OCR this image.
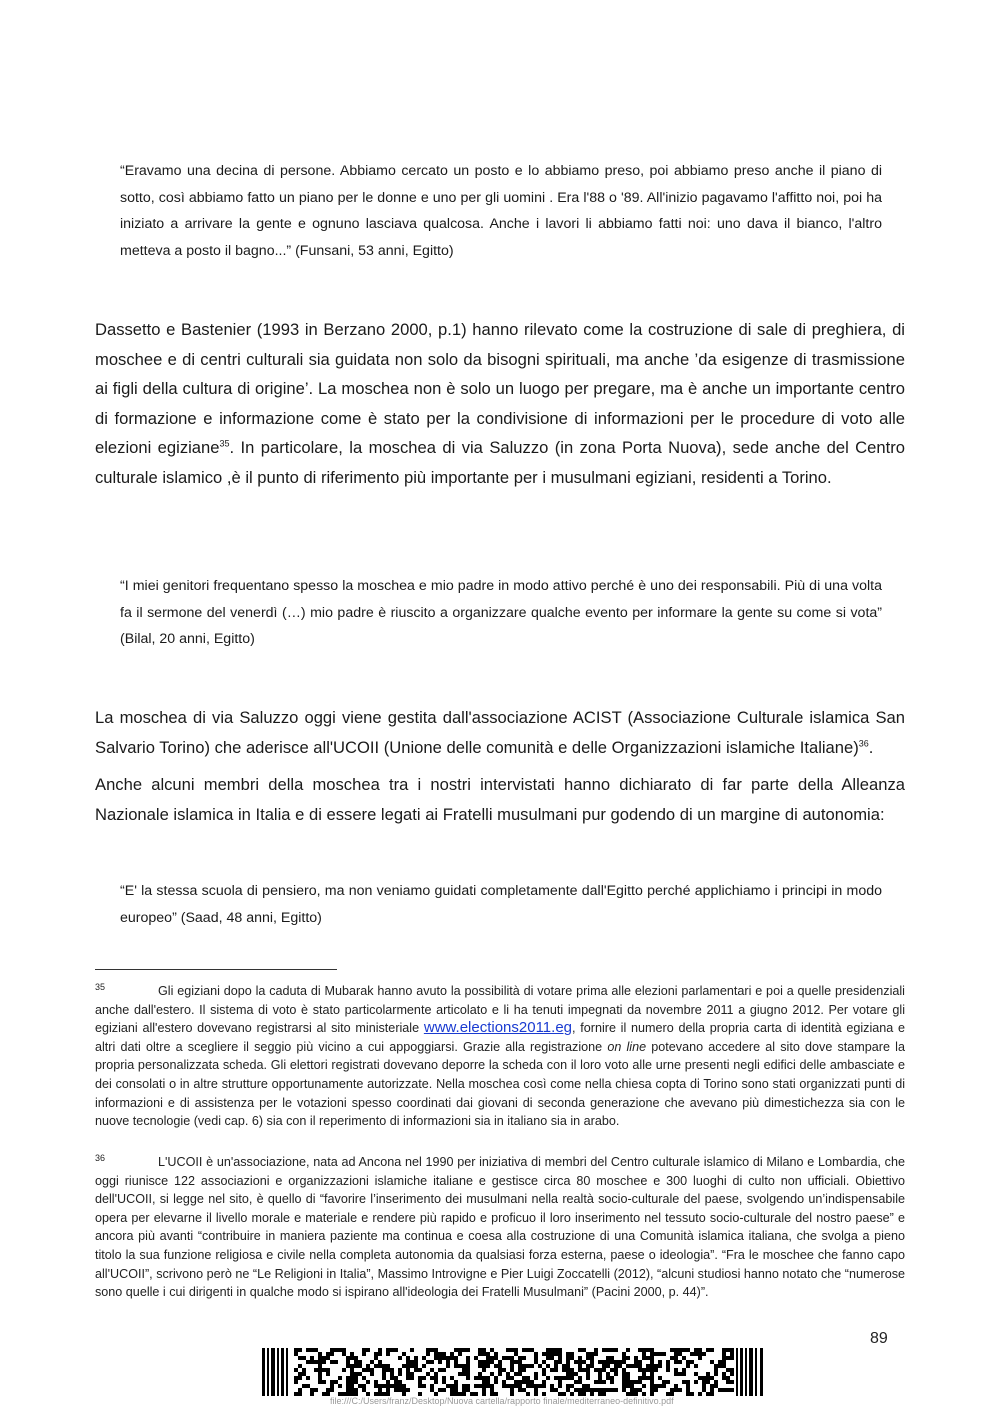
“Eravamo una decina di persone. Abbiamo cercato un posto e lo abbiamo preso, poi abbiamo preso anche il piano di sotto, così abbiamo fatto un piano per le donne e uno per gli uomini . Era l'88 o '89. All'inizio pagavamo l'affitto noi, poi ha iniziato a arrivare la gente e ognuno lasciava qualcosa. Anche i lavori li abbiamo fatti noi: uno dava il bianco, l'altro metteva a posto il bagno...” (Funsani, 53 anni, Egitto)

Dassetto e Bastenier (1993 in Berzano 2000, p.1) hanno rilevato come la costruzione di sale di preghiera, di moschee e di centri culturali sia guidata non solo da bisogni spirituali, ma anche ’da esigenze di trasmissione ai figli della cultura di origine’. La moschea non è solo un luogo per pregare, ma è anche un importante centro di formazione e informazione come è stato per la condivisione di informazioni per le procedure di voto alle elezioni egiziane$^{35}$. In particolare, la moschea di via Saluzzo (in zona Porta Nuova), sede anche del Centro culturale islamico ,è il punto di riferimento più importante per i musulmani egiziani, residenti a Torino.

“I miei genitori frequentano spesso la moschea e mio padre in modo attivo perché è uno dei responsabili. Più di una volta fa il sermone del venerdì (…) mio padre è riuscito a organizzare qualche evento per informare la gente su come si vota” (Bilal, 20 anni, Egitto)

La moschea di via Saluzzo oggi viene gestita dall'associazione ACIST (Associazione Culturale islamica San Salvario Torino) che aderisce all'UCOII (Unione delle comunità e delle Organizzazioni islamiche Italiane)$^{36}$.

Anche alcuni membri della moschea tra i nostri intervistati hanno dichiarato di far parte della Alleanza Nazionale islamica in Italia e di essere legati ai Fratelli musulmani pur godendo di un margine di autonomia:

“E' la stessa scuola di pensiero, ma non veniamo guidati completamente dall'Egitto perché applichiamo i principi in modo europeo” (Saad, 48 anni, Egitto)

35	Gli egiziani dopo la caduta di Mubarak hanno avuto la possibilità di votare prima alle elezioni parlamentari e poi a quelle presidenziali anche dall'estero. Il sistema di voto è stato particolarmente articolato e li ha tenuti impegnati da novembre 2011 a giugno 2012. Per votare gli egiziani all'estero dovevano registrarsi al sito ministeriale www.elections2011.eg, fornire il numero della propria carta di identità egiziana e altri dati oltre a scegliere il seggio più vicino a cui appoggiarsi. Grazie alla registrazione on line potevano accedere al sito dove stampare la propria personalizzata scheda. Gli elettori registrati dovevano deporre la scheda con il loro voto alle urne presenti negli edifici delle ambasciate e dei consolati o in altre strutture opportunamente autorizzate. Nella moschea così come nella chiesa copta di Torino sono stati organizzati punti di informazioni e di assistenza per le votazioni spesso coordinati dai giovani di seconda generazione che avevano più dimestichezza sia con le nuove tecnologie (vedi cap. 6) sia con il reperimento di informazioni sia in italiano sia in arabo.
36	L'UCOII è un'associazione, nata ad Ancona nel 1990 per iniziativa di membri del Centro culturale islamico di Milano e Lombardia, che oggi riunisce 122 associazioni e organizzazioni islamiche italiane e gestisce circa 80 moschee e 300 luoghi di culto non ufficiali. Obiettivo dell'UCOII, si legge nel sito, è quello di “favorire l’inserimento dei musulmani nella realtà socio-culturale del paese, svolgendo un’indispensabile opera per elevarne il livello morale e materiale e rendere più rapido e proficuo il loro inserimento nel tessuto socio-culturale del nostro paese” e ancora più avanti “contribuire in maniera paziente ma continua e coesa alla costruzione di una Comunità islamica italiana, che svolga a pieno titolo la sua funzione religiosa e civile nella completa autonomia da qualsiasi forza esterna, paese o ideologia”. “Fra le moschee che fanno capo all'UCOII”, scrivono però ne “Le Religioni in Italia”, Massimo Introvigne e Pier Luigi Zoccatelli (2012), “alcuni studiosi hanno notato che “numerose sono quelle i cui dirigenti in qualche modo si ispirano all'ideologia dei Fratelli Musulmani” (Pacini 2000, p. 44)”.
89
file:///C:/Users/franz/Desktop/Nuova cartella/rapporto finale/mediterraneo-definitivo.pdf
